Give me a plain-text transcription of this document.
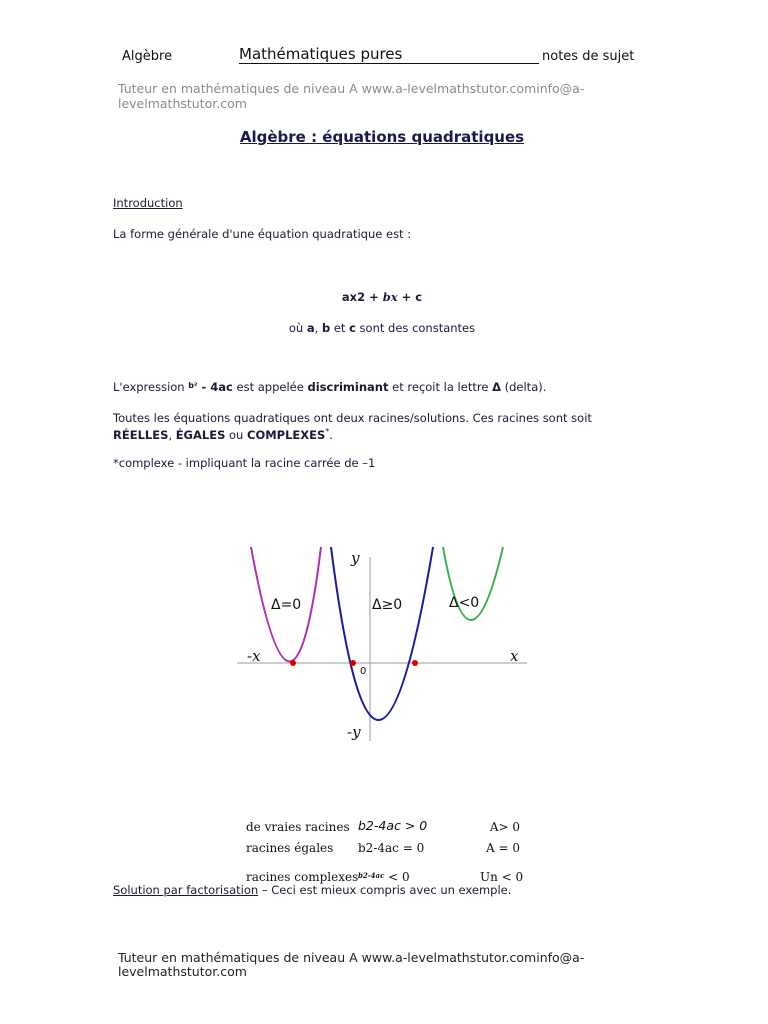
Algèbre	Mathématiques pures	notes de sujet
Tuteur en mathématiques de niveau A www.a-levelmathstutor.cominfo@a-levelmathstutor.com
Algèbre : équations quadratiques
Introduction
La forme générale d'une équation quadratique est :
ax2 + bx + c
où a, b et c sont des constantes
L'expression $^{b^2}$ - 4ac est appelée discriminant et reçoit la lettre Δ (delta).
Toutes les équations quadratiques ont deux racines/solutions. Ces racines sont soit RÉELLES, ÉGALES ou COMPLEXES*.
*complexe - impliquant la racine carrée de –1
y
-y
x
-x
0
Δ=0	Δ≥0	Δ<0
de vraies racines b2-4ac > 0	A> 0
racines égales b2-4ac = 0	A = 0
racines complexes $^{b2-4ac}$ < 0	Un < 0
Solution par factorisation – Ceci est mieux compris avec un exemple.
Tuteur en mathématiques de niveau A www.a-levelmathstutor.cominfo@a-levelmathstutor.com
